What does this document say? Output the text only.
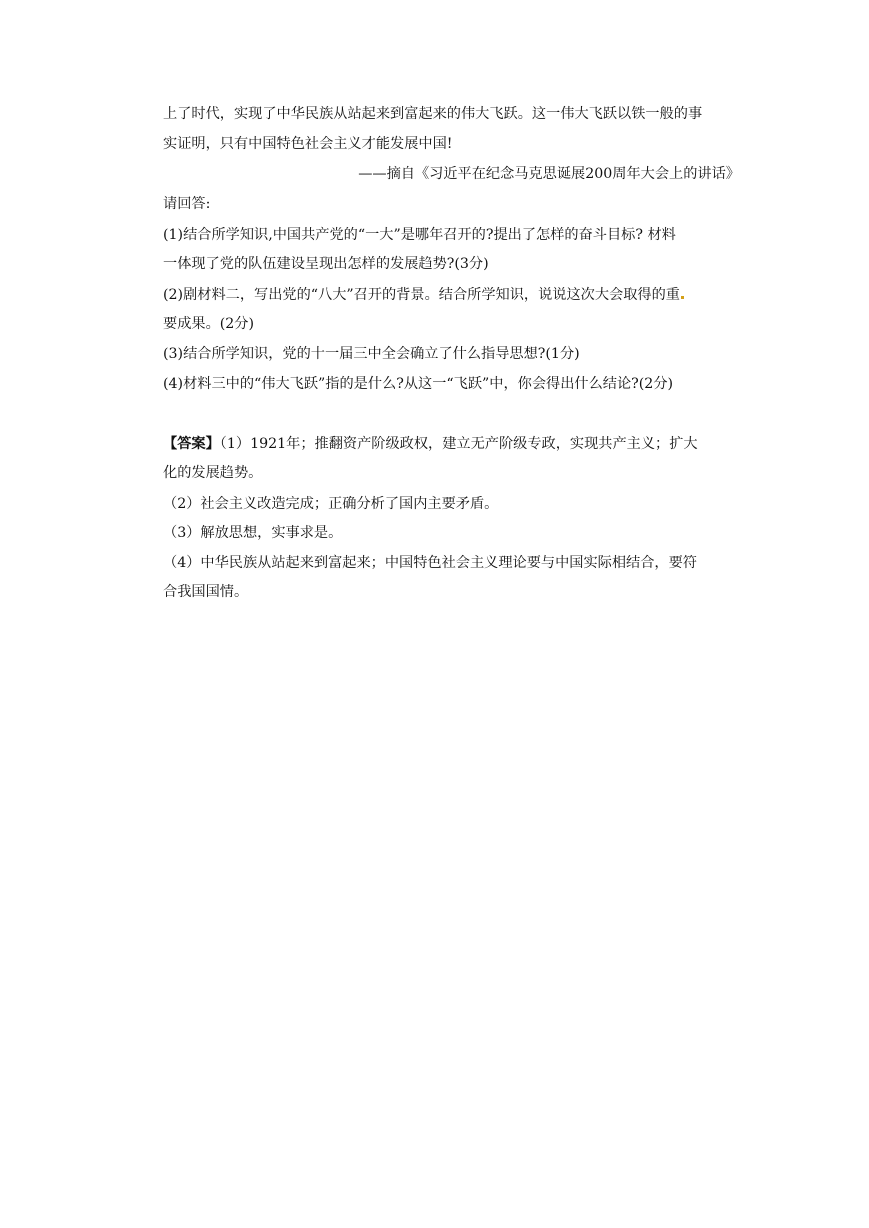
上了时代，实现了中华民族从站起来到富起来的伟大飞跃。这一伟大飞跃以铁一般的事
实证明，只有中国特色社会主义才能发展中国!
——摘自《习近平在纪念马克思诞展200周年大会上的讲话》
请回答:
(1)结合所学知识,中国共产党的“一大”是哪年召开的?提出了怎样的奋斗目标? 材料
一体现了党的队伍建设呈现出怎样的发展趋势?(3分)
(2)剧材料二，写出党的“八大”召开的背景。结合所学知识，说说这次大会取得的重
要成果。(2分)
(3)结合所学知识，党的十一届三中全会确立了什么指导思想?(1分)
(4)材料三中的“伟大飞跃”指的是什么?从这一“飞跃”中，你会得出什么结论?(2分)
【答案】（1）1921年；推翻资产阶级政权，建立无产阶级专政，实现共产主义；扩大
化的发展趋势。
（2）社会主义改造完成；正确分析了国内主要矛盾。
（3）解放思想，实事求是。
（4）中华民族从站起来到富起来；中国特色社会主义理论要与中国实际相结合，要符
合我国国情。
